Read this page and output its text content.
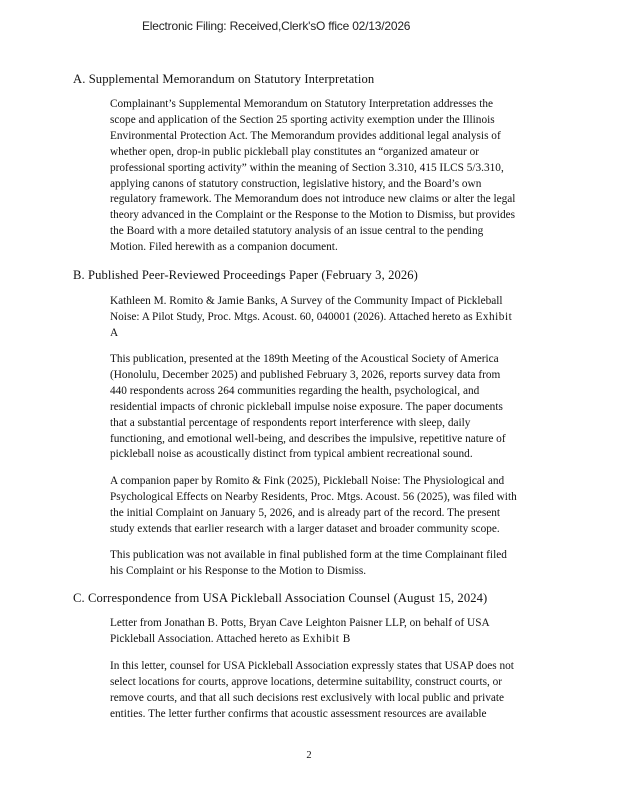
Electronic Filing: Received,Clerk'sO ffice 02/13/2026
A. Supplemental Memorandum on Statutory Interpretation
Complainant’s Supplemental Memorandum on Statutory Interpretation addresses the
scope and application of the Section 25 sporting activity exemption under the Illinois
Environmental Protection Act. The Memorandum provides additional legal analysis of
whether open, drop-in public pickleball play constitutes an “organized amateur or
professional sporting activity” within the meaning of Section 3.310, 415 ILCS 5/3.310,
applying canons of statutory construction, legislative history, and the Board’s own
regulatory framework. The Memorandum does not introduce new claims or alter the legal
theory advanced in the Complaint or the Response to the Motion to Dismiss, but provides
the Board with a more detailed statutory analysis of an issue central to the pending
Motion. Filed herewith as a companion document.
B. Published Peer-Reviewed Proceedings Paper (February 3, 2026)
Kathleen M. Romito & Jamie Banks, A Survey of the Community Impact of Pickleball
Noise: A Pilot Study, Proc. Mtgs. Acoust. 60, 040001 (2026). Attached hereto as Exhibit
A
This publication, presented at the 189th Meeting of the Acoustical Society of America
(Honolulu, December 2025) and published February 3, 2026, reports survey data from
440 respondents across 264 communities regarding the health, psychological, and
residential impacts of chronic pickleball impulse noise exposure. The paper documents
that a substantial percentage of respondents report interference with sleep, daily
functioning, and emotional well-being, and describes the impulsive, repetitive nature of
pickleball noise as acoustically distinct from typical ambient recreational sound.
A companion paper by Romito & Fink (2025), Pickleball Noise: The Physiological and
Psychological Effects on Nearby Residents, Proc. Mtgs. Acoust. 56 (2025), was filed with
the initial Complaint on January 5, 2026, and is already part of the record. The present
study extends that earlier research with a larger dataset and broader community scope.
This publication was not available in final published form at the time Complainant filed
his Complaint or his Response to the Motion to Dismiss.
C. Correspondence from USA Pickleball Association Counsel (August 15, 2024)
Letter from Jonathan B. Potts, Bryan Cave Leighton Paisner LLP, on behalf of USA
Pickleball Association. Attached hereto as Exhibit B
In this letter, counsel for USA Pickleball Association expressly states that USAP does not
select locations for courts, approve locations, determine suitability, construct courts, or
remove courts, and that all such decisions rest exclusively with local public and private
entities. The letter further confirms that acoustic assessment resources are available
2
